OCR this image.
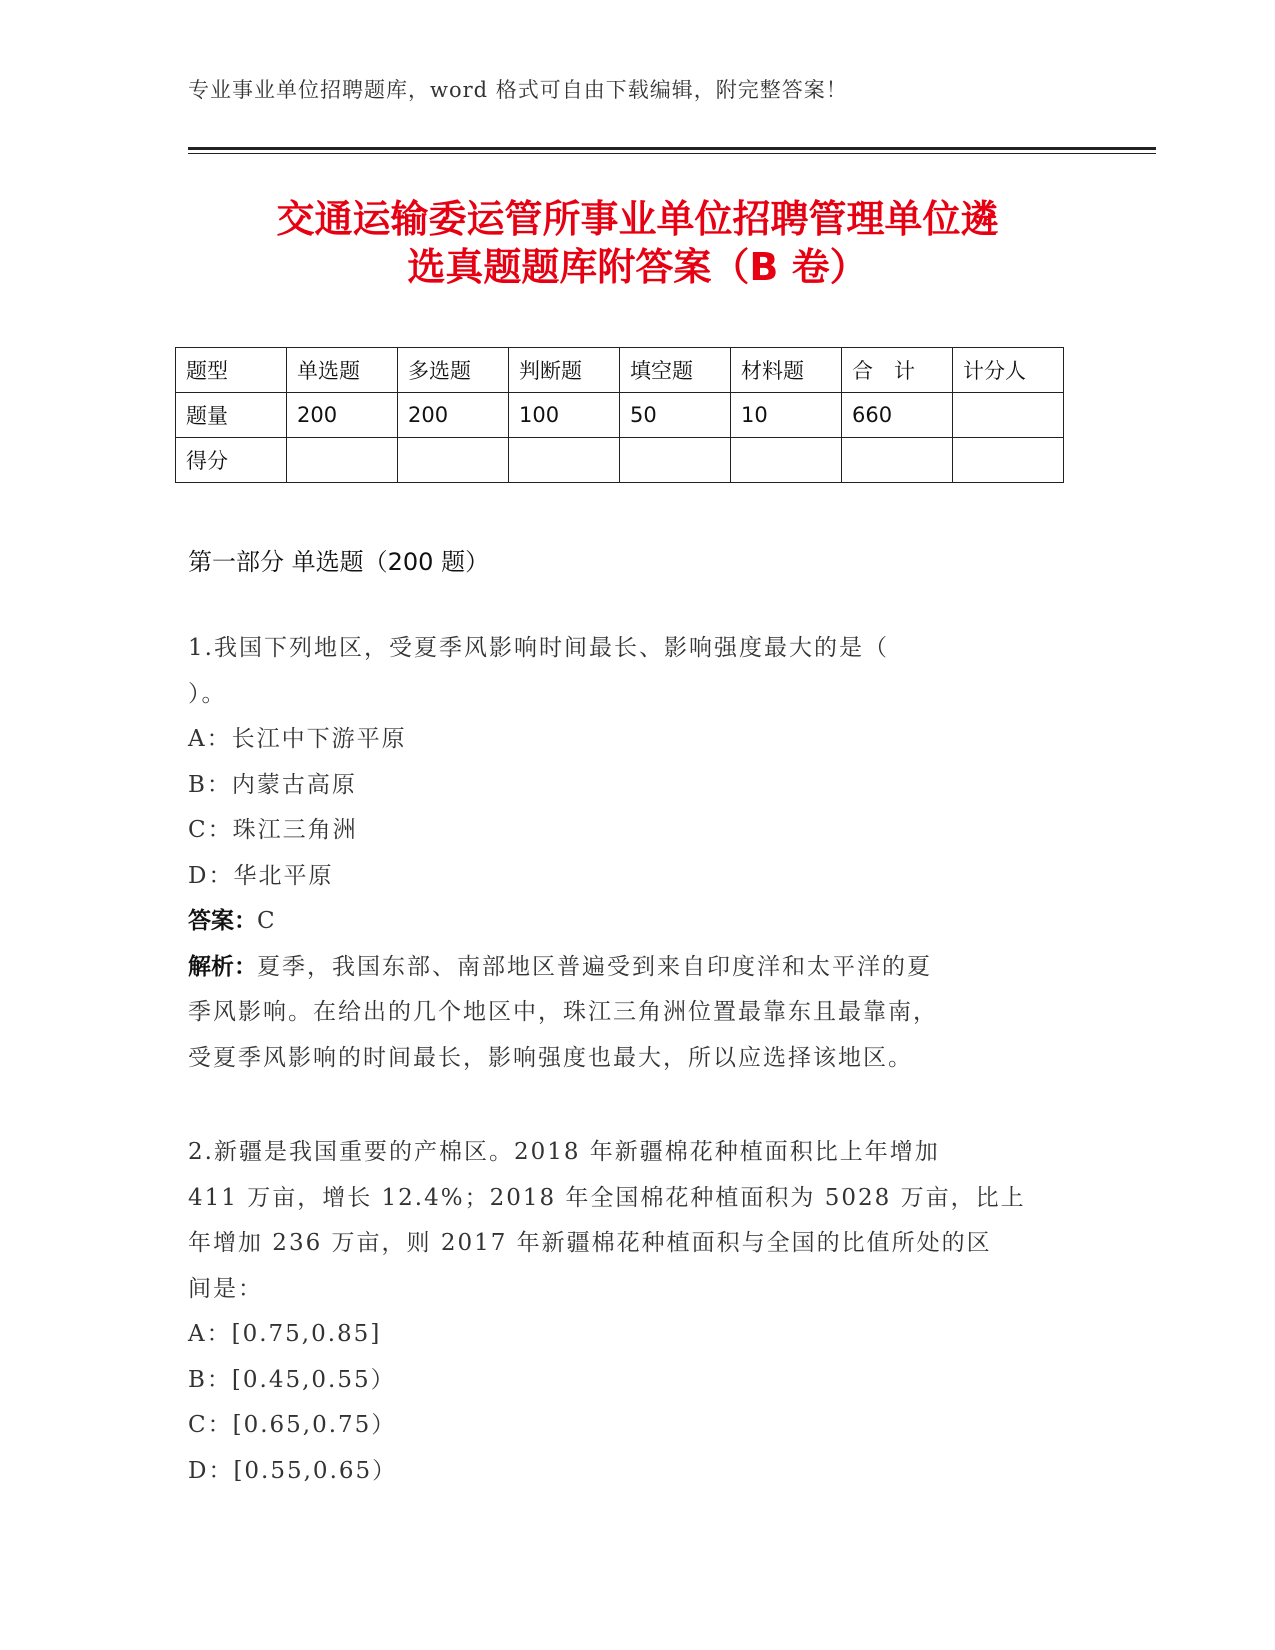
专业事业单位招聘题库，word 格式可自由下载编辑，附完整答案！
交通运输委运管所事业单位招聘管理单位遴
选真题题库附答案（B 卷）
题型	单选题	多选题	判断题	填空题	材料题	合　计	计分人
题量	200	200	100	50	10	660	
得分							
第一部分 单选题（200 题）

1.我国下列地区，受夏季风影响时间最长、影响强度最大的是（

）。

A：长江中下游平原

B：内蒙古高原

C：珠江三角洲

D：华北平原

答案：C

解析：夏季，我国东部、南部地区普遍受到来自印度洋和太平洋的夏

季风影响。在给出的几个地区中，珠江三角洲位置最靠东且最靠南，

受夏季风影响的时间最长，影响强度也最大，所以应选择该地区。

2.新疆是我国重要的产棉区。2018 年新疆棉花种植面积比上年增加

411 万亩，增长 12.4%；2018 年全国棉花种植面积为 5028 万亩，比上

年增加 236 万亩，则 2017 年新疆棉花种植面积与全国的比值所处的区

间是：

A：[0.75,0.85]

B：[0.45,0.55）

C：[0.65,0.75）

D：[0.55,0.65）
